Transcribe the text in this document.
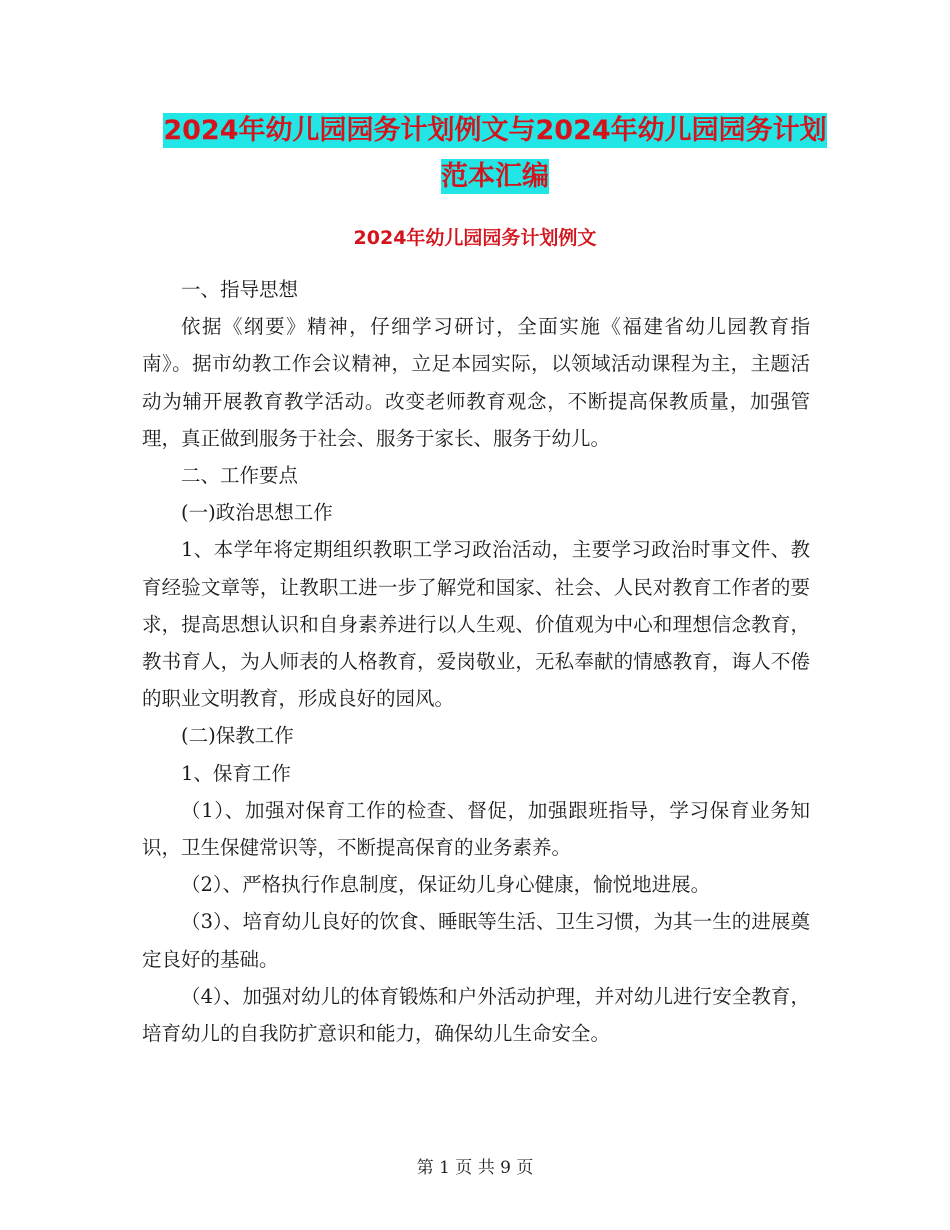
2024年幼儿园园务计划例文与2024年幼儿园园务计划
范本汇编
2024年幼儿园园务计划例文

一、指导思想

依据《纲要》精神，仔细学习研讨，全面实施《福建省幼儿园教育指南》。据市幼教工作会议精神，立足本园实际，以领域活动课程为主，主题活动为辅开展教育教学活动。改变老师教育观念，不断提高保教质量，加强管理，真正做到服务于社会、服务于家长、服务于幼儿。

二、工作要点

(一)政治思想工作

1、本学年将定期组织教职工学习政治活动，主要学习政治时事文件、教育经验文章等，让教职工进一步了解党和国家、社会、人民对教育工作者的要求，提高思想认识和自身素养进行以人生观、价值观为中心和理想信念教育，教书育人，为人师表的人格教育，爱岗敬业，无私奉献的情感教育，诲人不倦的职业文明教育，形成良好的园风。

(二)保教工作

1、保育工作

（1）、加强对保育工作的检查、督促，加强跟班指导，学习保育业务知识，卫生保健常识等，不断提高保育的业务素养。

（2）、严格执行作息制度，保证幼儿身心健康，愉悦地进展。

（3）、培育幼儿良好的饮食、睡眠等生活、卫生习惯，为其一生的进展奠定良好的基础。

（4）、加强对幼儿的体育锻炼和户外活动护理，并对幼儿进行安全教育，培育幼儿的自我防扩意识和能力，确保幼儿生命安全。

第 1 页 共 9 页
